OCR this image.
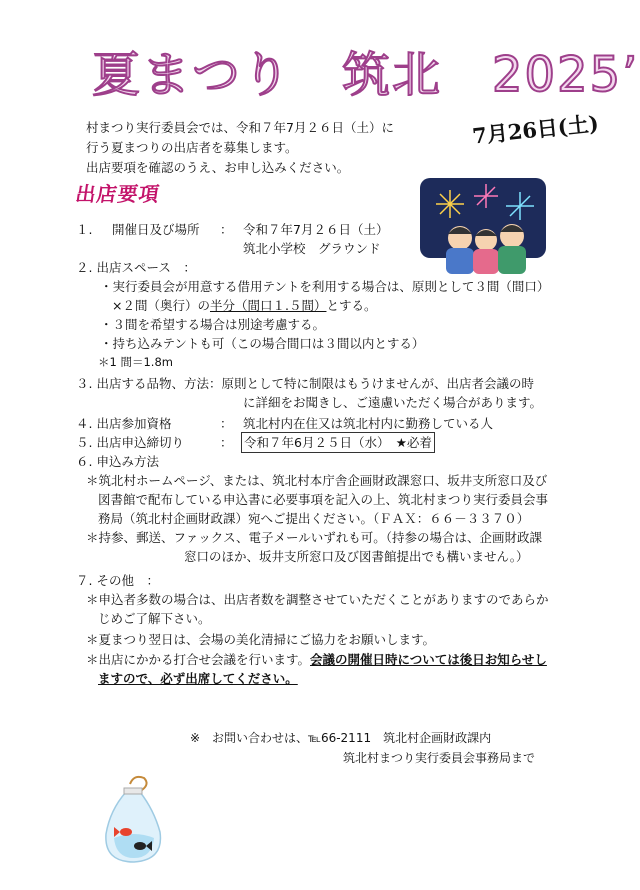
夏まつり　筑北　2025’
7月26日(土)
村まつり実行委員会では、令和７年7月２６日（土）に
行う夏まつりの出店者を募集します。
出店要項を確認のうえ、お申し込みください。
出店要項
１. 開催日及び場所 ： 令和７年7月２６日（土）
筑北小学校　グラウンド
２. 出店スペース　：
・実行委員会が用意する借用テントを利用する場合は、原則として３間（間口）
×２間（奥行）の半分（間口１.５間）とする。
・３間を希望する場合は別途考慮する。
・持ち込みテントも可（この場合間口は３間以内とする）
＊1 間＝1.8m
３. 出店する品物、方法：原則として特に制限はもうけませんが、出店者会議の時
に詳細をお聞きし、ご遠慮いただく場合があります。
４. 出店参加資格	： 筑北村内在住又は筑北村内に勤務している人
５. 出店申込締切り	： 令和７年6月２５日（水）　★必着
６. 申込み方法
＊筑北村ホームページ、または、筑北村本庁舎企画財政課窓口、坂井支所窓口及び
図書館で配布している申込書に必要事項を記入の上、筑北村まつり実行委員会事
務局（筑北村企画財政課）宛へご提出ください。（ＦＡＸ：６６－３３７０）
＊持参、郵送、ファックス、電子メールいずれも可。（持参の場合は、企画財政課
窓口のほか、坂井支所窓口及び図書館提出でも構いません。）
７. その他　：
＊申込者多数の場合は、出店者数を調整させていただくことがありますのであらか
じめご了解下さい。
＊夏まつり翌日は、会場の美化清掃にご協力をお願いします。
＊出店にかかる打合せ会議を行います。会議の開催日時については後日お知らせし
ますので、必ず出席してください。
※　お問い合わせは、℡66-2111　筑北村企画財政課内
筑北村まつり実行委員会事務局まで
